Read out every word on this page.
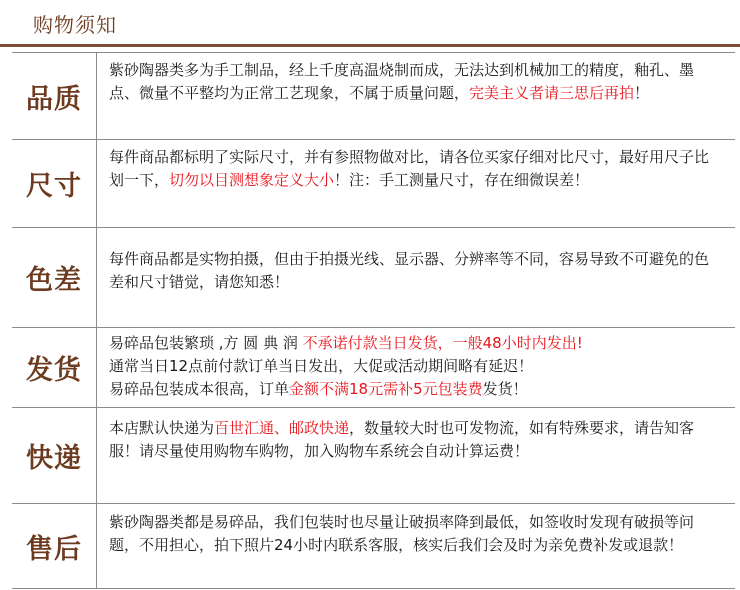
购物须知
品质
紫砂陶器类多为手工制品，经上千度高温烧制而成，无法达到机械加工的精度，釉孔、墨点、微量不平整均为正常工艺现象，不属于质量问题，完美主义者请三思后再拍！
尺寸
每件商品都标明了实际尺寸，并有参照物做对比，请各位买家仔细对比尺寸，最好用尺子比划一下，切勿以目测想象定义大小！注：手工测量尺寸，存在细微误差！
色差
每件商品都是实物拍摄，但由于拍摄光线、显示器、分辨率等不同，容易导致不可避免的色差和尺寸错觉，请您知悉！
发货

易碎品包装繁琐 ,方 圆 典 润 不承诺付款当日发货，一般48小时内发出!

通常当日12点前付款订单当日发出，大促或活动期间略有延迟！

易碎品包装成本很高，订单金额不满18元需补5元包装费发货！

快递
本店默认快递为百世汇通、邮政快递，数量较大时也可发物流，如有特殊要求，请告知客服！请尽量使用购物车购物，加入购物车系统会自动计算运费！
售后
紫砂陶器类都是易碎品，我们包装时也尽量让破损率降到最低，如签收时发现有破损等问题，不用担心，拍下照片24小时内联系客服，核实后我们会及时为亲免费补发或退款！
